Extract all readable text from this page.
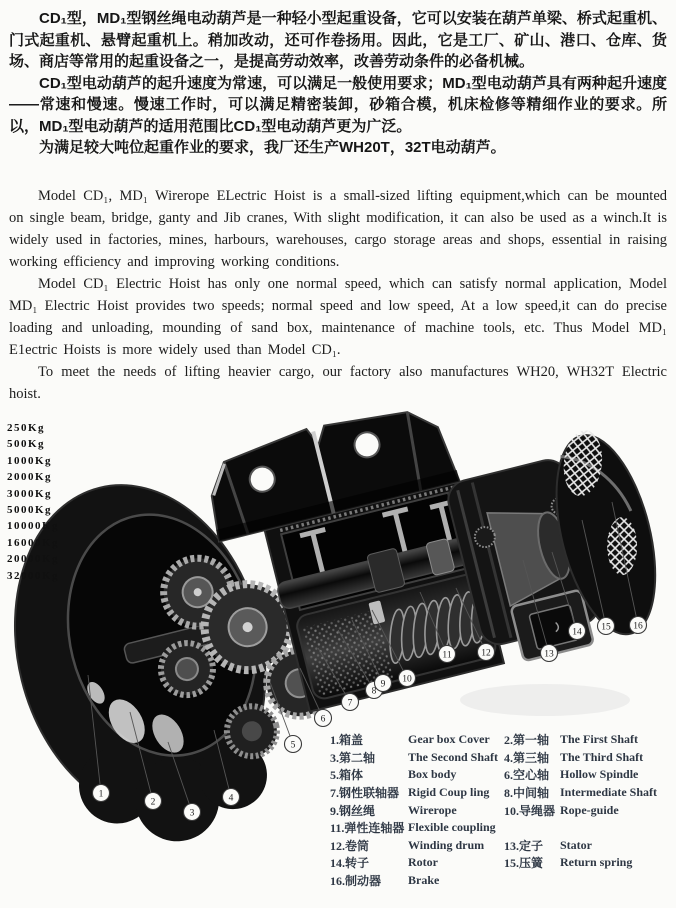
CD₁型，MD₁型钢丝绳电动葫芦是一种轻小型起重设备，它可以安装在葫芦单梁、桥式起重机、门式起重机、悬臂起重机上。稍加改动，还可作卷扬用。因此，它是工厂、矿山、港口、仓库、货场、商店等常用的起重设备之一，是提高劳动效率，改善劳动条件的必备机械。

CD₁型电动葫芦的起升速度为常速，可以满足一般使用要求；MD₁型电动葫芦具有两种起升速度——常速和慢速。慢速工作时，可以满足精密装卸，砂箱合模，机床检修等精细作业的要求。所以，MD₁型电动葫芦的适用范围比CD₁型电动葫芦更为广泛。

为满足较大吨位起重作业的要求，我厂还生产WH20T，32T电动葫芦。

Model CD₁, MD₁ Wirerope ELectric Hoist is a small-sized lifting equipment,which can be mounted on single beam, bridge, ganty and Jib cranes, With slight modification, it can also be used as a winch.It is widely used in factories, mines, harbours, warehouses, cargo storage areas and shops, essential in raising working efficiency and improving working conditions.

Model CD₁ Electric Hoist has only one normal speed, which can satisfy normal application, Model MD₁ Electric Hoist provides two speeds; normal speed and low speed, At a low speed,it can do precise loading and unloading, mounding of sand box, maintenance of machine tools, etc. Thus Model MD₁ E1ectric Hoists is more widely used than Model CD₁.

To meet the needs of lifting heavier cargo, our factory also manufactures WH20, WH32T Electric hoist.

250Kg
500Kg
1000Kg
2000Kg
3000Kg
5000Kg
10000Kg
16000Kg
20000Kg
32000Kg
1
2
3
4
5
6
7
8
9 10
11	12	13
14 15 16
1.箱盖	Gear box Cover	2.第一轴 The First Shaft
3.第二轴	The Second Shaft 4.第三轴 The Third Shaft
5.箱体	Box body	6.空心轴 Hollow Spindle
7.钢性联轴器 Rigid Coup ling	8.中间轴 Intermediate Shaft
9.钢丝绳	Wirerope	10.导绳器 Rope-guide
11.弹性连轴器 Flexible coupling
12.卷筒	Winding drum	13.定子	Stator
14.转子	Rotor	15.压簧	Return spring
16.制动器	Brake
